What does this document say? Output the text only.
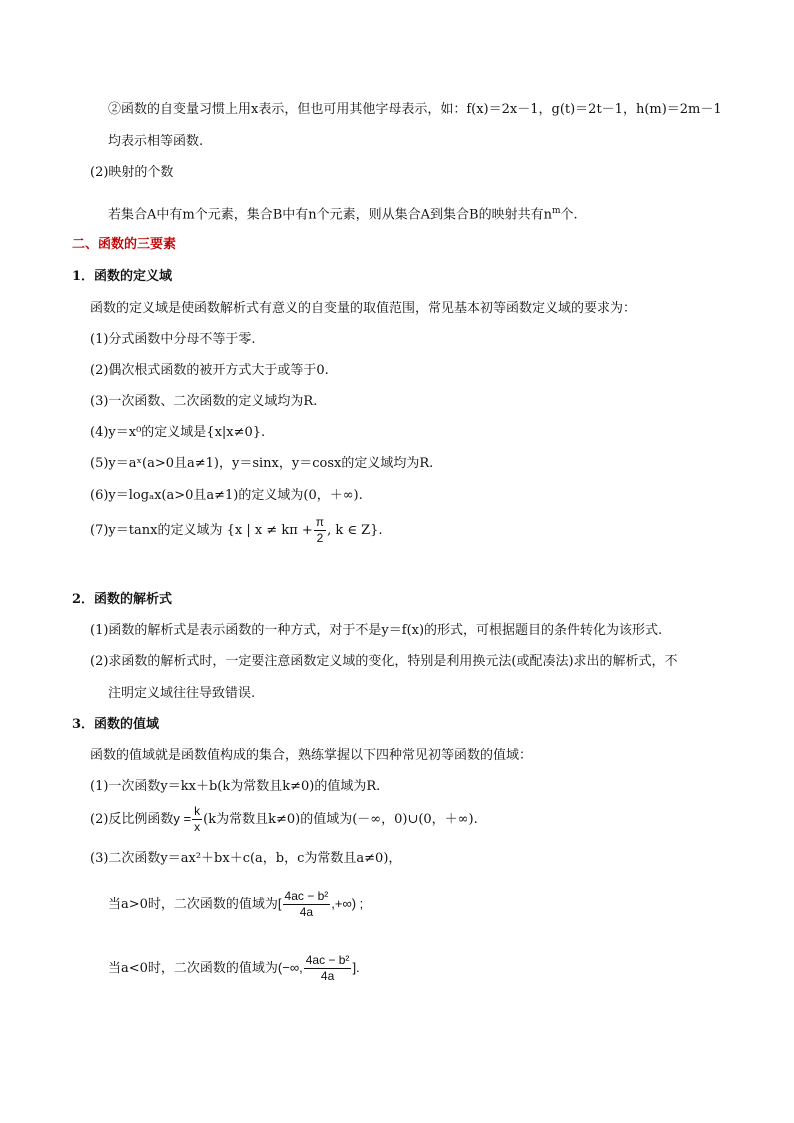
②函数的自变量习惯上用x表示，但也可用其他字母表示，如：f(x)＝2x－1，g(t)＝2t－1，h(m)＝2m－1
均表示相等函数.
(2)映射的个数
若集合A中有m个元素，集合B中有n个元素，则从集合A到集合B的映射共有$n^m$个.
二、函数的三要素
1．函数的定义域
函数的定义域是使函数解析式有意义的自变量的取值范围，常见基本初等函数定义域的要求为：
(1)分式函数中分母不等于零.
(2)偶次根式函数的被开方式大于或等于0.
(3)一次函数、二次函数的定义域均为R.
(4)y＝x⁰的定义域是{x|x≠0}.
(5)y＝aˣ(a>0且a≠1)，y＝sinx，y＝cosx的定义域均为R.
(6)y＝logₐx(a>0且a≠1)的定义域为(0，＋∞).
(7)y＝tanx的定义域为 {x | $x \ne k\pi + \frac{\pi}{2}$ , k ∈ Z}.
2．函数的解析式
(1)函数的解析式是表示函数的一种方式，对于不是y＝f(x)的形式，可根据题目的条件转化为该形式.
(2)求函数的解析式时，一定要注意函数定义域的变化，特别是利用换元法(或配凑法)求出的解析式，不
注明定义域往往导致错误.
3．函数的值域
函数的值域就是函数值构成的集合，熟练掌握以下四种常见初等函数的值域：
(1)一次函数y＝kx＋b(k为常数且k≠0)的值域为R.
(2)反比例函数$y = \frac{k}{x} (k$为常数且k≠0)的值域为(－∞，0)∪(0，＋∞).
(3)二次函数y＝ax²＋bx＋c(a，b，c为常数且a≠0)，
当a>0时，二次函数的值域为[ $\frac{\text{4ac − b²}}{4a}$ ,+∞) ;
当a<0时，二次函数的值域为(−∞, $\frac{\text{4ac − b²}}{4a}$ ].
